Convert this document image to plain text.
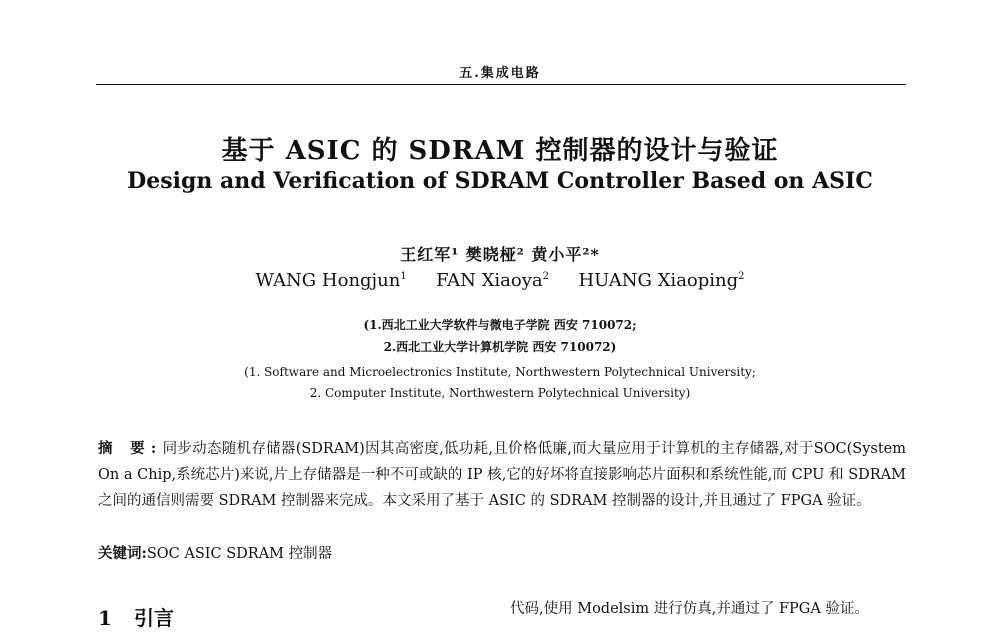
五.集成电路
基于 ASIC 的 SDRAM 控制器的设计与验证
Design and Verification of SDRAM Controller Based on ASIC
王红军¹ 樊晓桠² 黄小平²*
WANG Hongjun$^1$ FAN Xiaoya$^2$ HUANG Xiaoping$^2$
(1.西北工业大学软件与微电子学院 西安 710072;
2.西北工业大学计算机学院 西安 710072)
(1. Software and Microelectronics Institute, Northwestern Polytechnical University;
2. Computer Institute, Northwestern Polytechnical University)
摘 要:同步动态随机存储器(SDRAM)因其高密度,低功耗,且价格低廉,而大量应用于计算机的主存储器,对于SOC(System On a Chip,系统芯片)来说,片上存储器是一种不可或缺的 IP 核,它的好坏将直接影响芯片面积和系统性能,而 CPU 和 SDRAM 之间的通信则需要 SDRAM 控制器来完成。本文采用了基于 ASIC 的 SDRAM 控制器的设计,并且通过了 FPGA 验证。
关键词:SOC ASIC SDRAM 控制器
1 引言	代码,使用 Modelsim 进行仿真,并通过了 FPGA 验证。
